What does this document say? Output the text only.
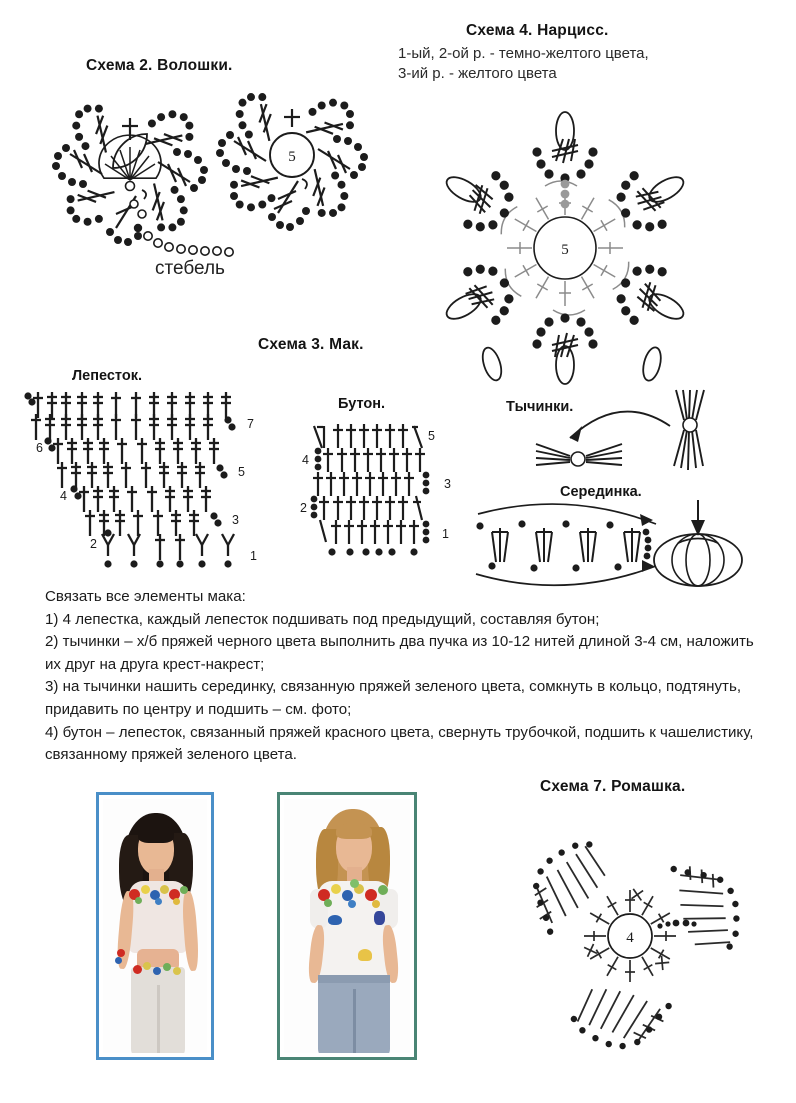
Схема 4. Нарцисс.
1-ый, 2-ой р. - темно-желтого цвета,
3-ий р. - желтого цвета
Схема 2. Волошки.
5
стебель
5
Схема 3. Мак.
Лепесток.
Бутон.	Тычинки.
Серединка.
7
6
5
4
3
2
1
5
4
3
2
1

Связать все элементы мака:

1) 4 лепестка, каждый лепесток подшивать под предыдущий, составляя бутон;

2) тычинки – х/б пряжей черного цвета выполнить два пучка из 10-12 нитей длиной 3-4 см, наложить их друг на друга крест-накрест;

3) на тычинки нашить серединку, связанную пряжей зеленого цвета, сомкнуть в кольцо, подтянуть, придавить по центру и подшить – см. фото;

4) бутон – лепесток, связанный пряжей красного цвета, свернуть трубочкой, подшить к чашелистику, связанному пряжей зеленого цвета.

Схема 7. Ромашка.
4
